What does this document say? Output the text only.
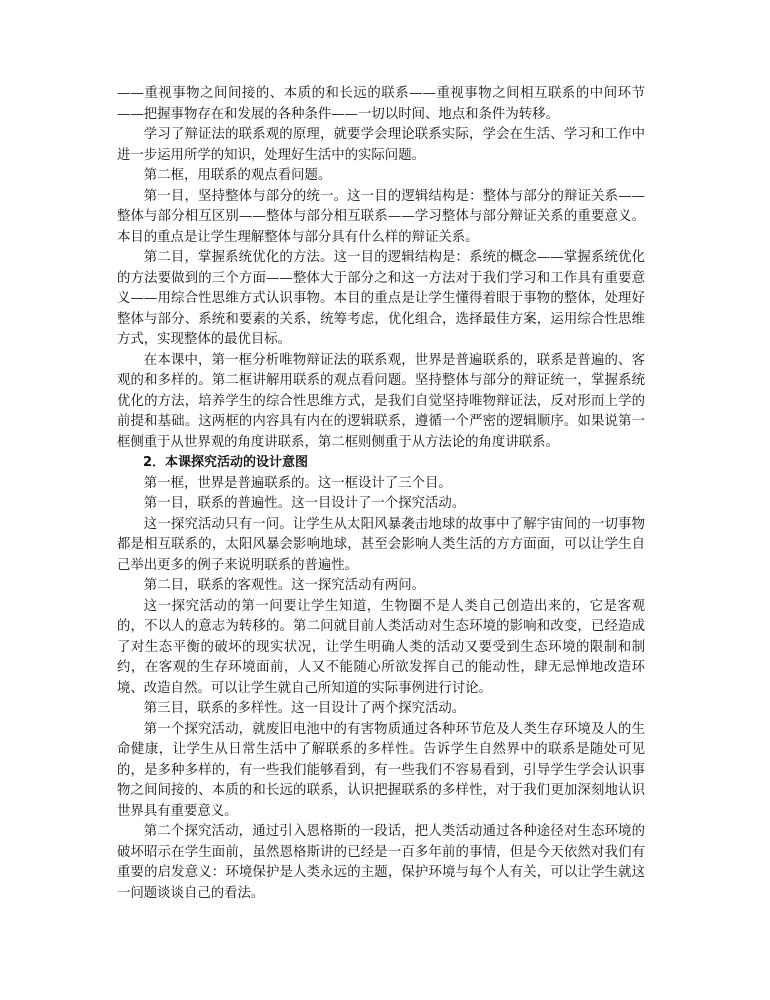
——重视事物之间间接的、本质的和长远的联系——重视事物之间相互联系的中间环节——把握事物存在和发展的各种条件——一切以时间、地点和条件为转移。

学习了辩证法的联系观的原理，就要学会理论联系实际，学会在生活、学习和工作中进一步运用所学的知识，处理好生活中的实际问题。

第二框，用联系的观点看问题。

第一目，坚持整体与部分的统一。这一目的逻辑结构是：整体与部分的辩证关系——整体与部分相互区别——整体与部分相互联系——学习整体与部分辩证关系的重要意义。本目的重点是让学生理解整体与部分具有什么样的辩证关系。

第二目，掌握系统优化的方法。这一目的逻辑结构是：系统的概念——掌握系统优化的方法要做到的三个方面——整体大于部分之和这一方法对于我们学习和工作具有重要意义——用综合性思维方式认识事物。本目的重点是让学生懂得着眼于事物的整体，处理好整体与部分、系统和要素的关系，统筹考虑，优化组合，选择最佳方案，运用综合性思维方式，实现整体的最优目标。

在本课中，第一框分析唯物辩证法的联系观，世界是普遍联系的，联系是普遍的、客观的和多样的。第二框讲解用联系的观点看问题。坚持整体与部分的辩证统一，掌握系统优化的方法，培养学生的综合性思维方式，是我们自觉坚持唯物辩证法，反对形而上学的前提和基础。这两框的内容具有内在的逻辑联系，遵循一个严密的逻辑顺序。如果说第一框侧重于从世界观的角度讲联系，第二框则侧重于从方法论的角度讲联系。

2．本课探究活动的设计意图

第一框，世界是普遍联系的。这一框设计了三个目。

第一目，联系的普遍性。这一目设计了一个探究活动。

这一探究活动只有一问。让学生从太阳风暴袭击地球的故事中了解宇宙间的一切事物都是相互联系的，太阳风暴会影响地球，甚至会影响人类生活的方方面面，可以让学生自己举出更多的例子来说明联系的普遍性。

第二目，联系的客观性。这一探究活动有两问。

这一探究活动的第一问要让学生知道，生物圈不是人类自己创造出来的，它是客观的，不以人的意志为转移的。第二问就目前人类活动对生态环境的影响和改变，已经造成了对生态平衡的破坏的现实状况，让学生明确人类的活动又要受到生态环境的限制和制约，在客观的生存环境面前，人又不能随心所欲发挥自己的能动性，肆无忌惮地改造环境、改造自然。可以让学生就自己所知道的实际事例进行讨论。

第三目，联系的多样性。这一目设计了两个探究活动。

第一个探究活动，就废旧电池中的有害物质通过各种环节危及人类生存环境及人的生命健康，让学生从日常生活中了解联系的多样性。告诉学生自然界中的联系是随处可见的，是多种多样的，有一些我们能够看到，有一些我们不容易看到，引导学生学会认识事物之间间接的、本质的和长远的联系，认识把握联系的多样性，对于我们更加深刻地认识世界具有重要意义。

第二个探究活动，通过引入恩格斯的一段话，把人类活动通过各种途径对生态环境的破坏昭示在学生面前，虽然恩格斯讲的已经是一百多年前的事情，但是今天依然对我们有重要的启发意义：环境保护是人类永远的主题，保护环境与每个人有关，可以让学生就这一问题谈谈自己的看法。
